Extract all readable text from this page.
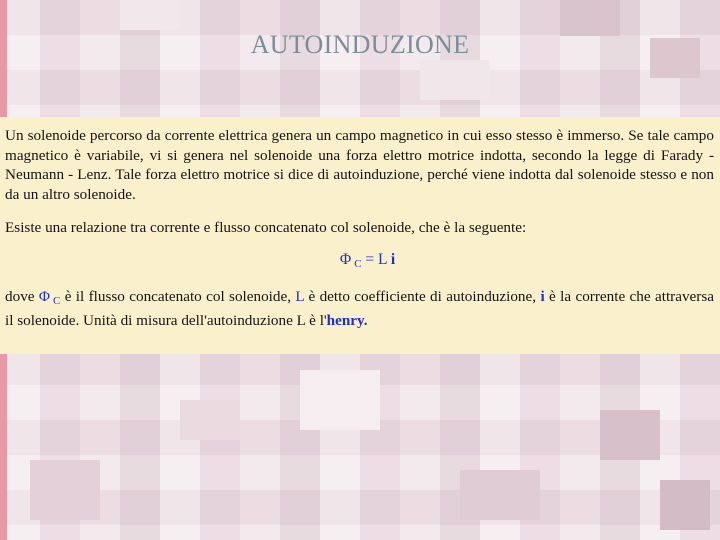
AUTOINDUZIONE

Un solenoide percorso da corrente elettrica genera un campo magnetico in cui esso stesso è immerso. Se tale campo magnetico è variabile, vi si genera nel solenoide una forza elettro motrice indotta, secondo la legge di Farady - Neumann - Lenz. Tale forza elettro motrice si dice di autoinduzione, perché viene indotta dal solenoide stesso e non da un altro solenoide.

Esiste una relazione tra corrente e flusso concatenato col solenoide, che è la seguente:

Φ $_C$ = L i

dove Φ $_C$ è il flusso concatenato col solenoide, L è detto coefficiente di autoinduzione, i è la corrente che attraversa il solenoide. Unità di misura dell'autoinduzione L è l'henry.
